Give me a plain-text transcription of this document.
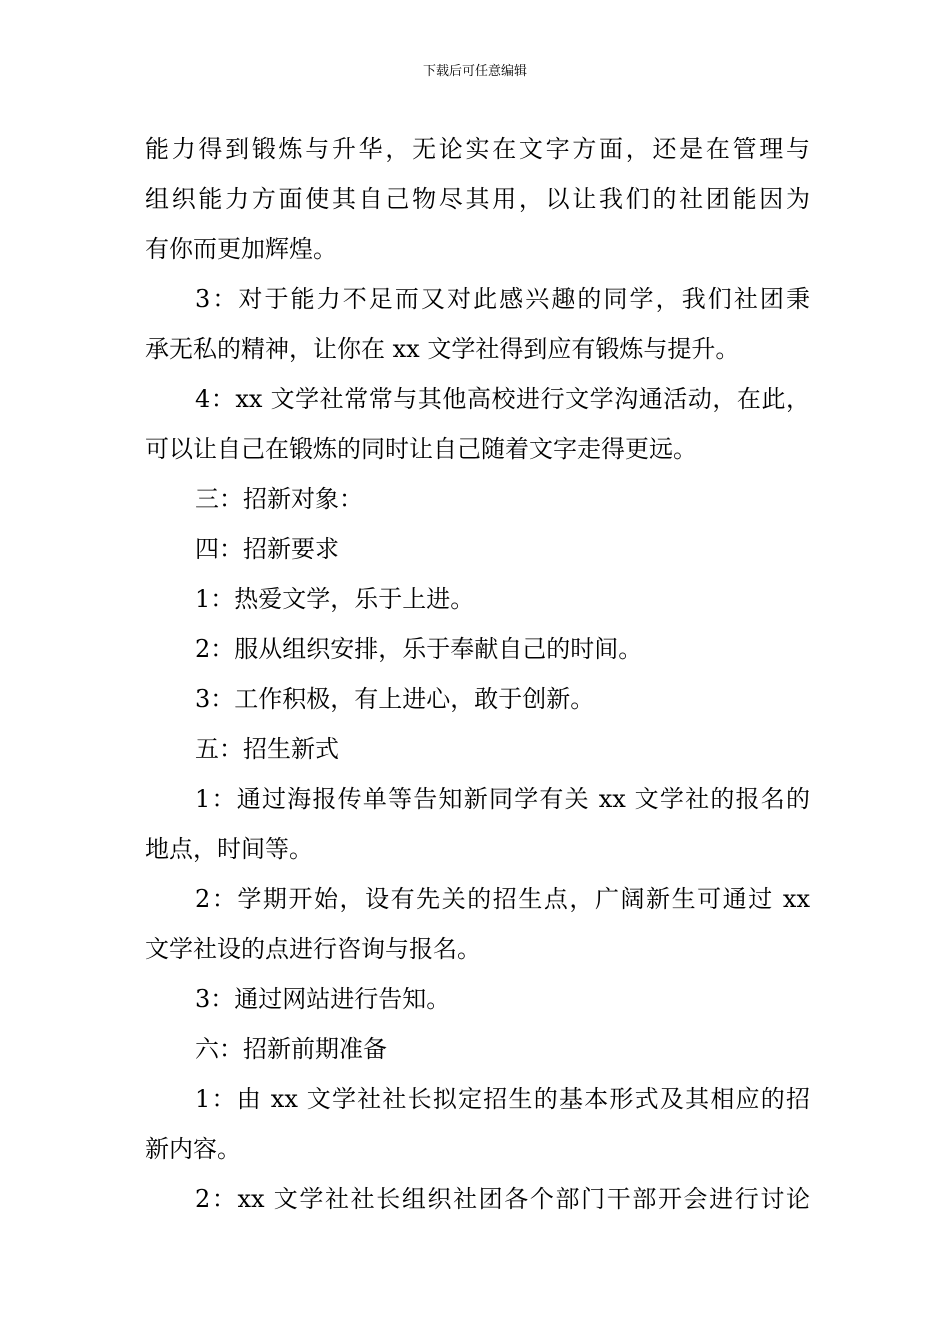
下载后可任意编辑
能力得到锻炼与升华，无论实在文字方面，还是在管理与
组织能力方面使其自己物尽其用，以让我们的社团能因为
有你而更加辉煌。
3：对于能力不足而又对此感兴趣的同学，我们社团秉
承无私的精神，让你在 xx 文学社得到应有锻炼与提升。
4：xx 文学社常常与其他高校进行文学沟通活动，在此，
可以让自己在锻炼的同时让自己随着文字走得更远。
三：招新对象：
四：招新要求
1：热爱文学，乐于上进。
2：服从组织安排，乐于奉献自己的时间。
3：工作积极，有上进心，敢于创新。
五：招生新式
1：通过海报传单等告知新同学有关 xx 文学社的报名的
地点，时间等。
2：学期开始，设有先关的招生点，广阔新生可通过 xx
文学社设的点进行咨询与报名。
3：通过网站进行告知。
六：招新前期准备
1：由 xx 文学社社长拟定招生的基本形式及其相应的招
新内容。
2：xx 文学社社长组织社团各个部门干部开会进行讨论
